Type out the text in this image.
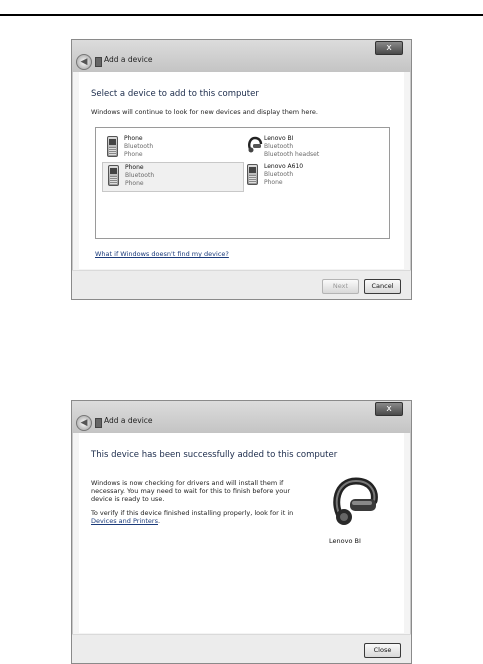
x
◀	Add a device
Select a device to add to this computer
Windows will continue to look for new devices and display them here.
Phone
Bluetooth
Phone
Lenovo BI
Bluetooth
Bluetooth headset
Phone
Bluetooth
Phone
Lenovo A610
Bluetooth
Phone
What if Windows doesn't find my device?
Next	Cancel
x
◀	Add a device
This device has been successfully added to this computer
Windows is now checking for drivers and will install them if necessary. You may need to wait for this to finish before your device is ready to use.
To verify if this device finished installing properly, look for it in Devices and Printers.
Lenovo BI
Close
